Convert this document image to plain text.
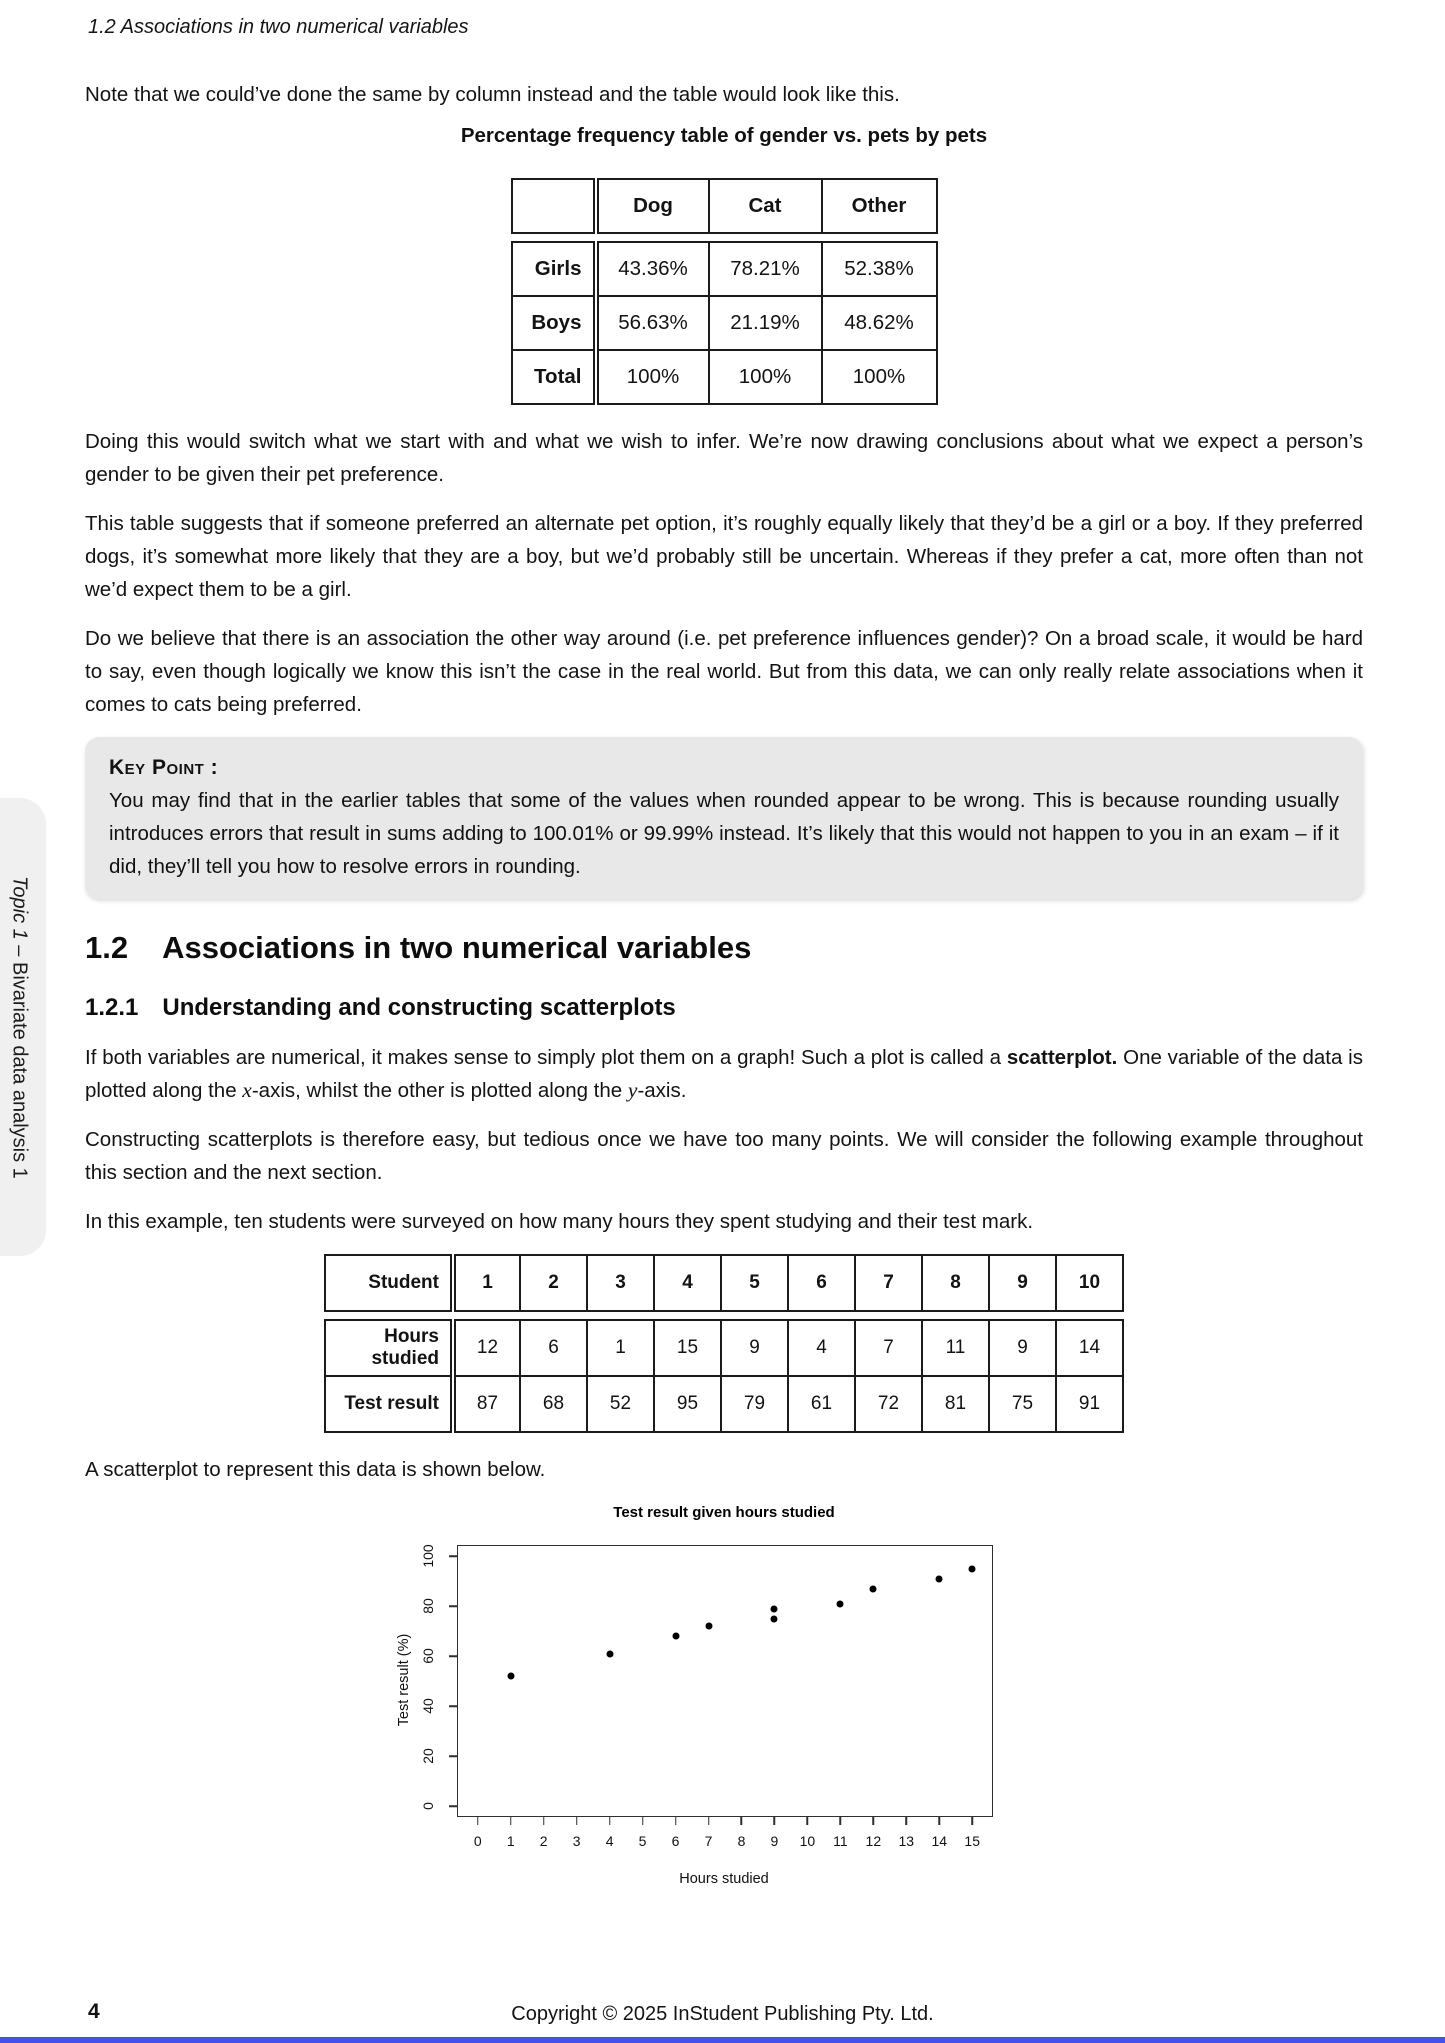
1.2 Associations in two numerical variables
Topic 1 – Bivariate data analysis 1

Note that we could’ve done the same by column instead and the table would look like this.

Percentage frequency table of gender vs. pets by pets
	Dog	Cat	Other
Girls	43.36%	78.21%	52.38%
Boys	56.63%	21.19%	48.62%
Total	100%	100%	100%

Doing this would switch what we start with and what we wish to infer. We’re now drawing conclusions about what we expect a person’s gender to be given their pet preference.

This table suggests that if someone preferred an alternate pet option, it’s roughly equally likely that they’d be a girl or a boy. If they preferred dogs, it’s somewhat more likely that they are a boy, but we’d probably still be uncertain. Whereas if they prefer a cat, more often than not we’d expect them to be a girl.

Do we believe that there is an association the other way around (i.e. pet preference influences gender)? On a broad scale, it would be hard to say, even though logically we know this isn’t the case in the real world. But from this data, we can only really relate associations when it comes to cats being preferred.

Key Point :
You may find that in the earlier tables that some of the values when rounded appear to be wrong. This is because rounding usually introduces errors that result in sums adding to 100.01% or 99.99% instead. It’s likely that this would not happen to you in an exam – if it did, they’ll tell you how to resolve errors in rounding.
1.2 Associations in two numerical variables
1.2.1 Understanding and constructing scatterplots

If both variables are numerical, it makes sense to simply plot them on a graph! Such a plot is called a scatterplot. One variable of the data is plotted along the x-axis, whilst the other is plotted along the y-axis.

Constructing scatterplots is therefore easy, but tedious once we have too many points. We will consider the following example throughout this section and the next section.

In this example, ten students were surveyed on how many hours they spent studying and their test mark.

Student	1	2	3	4	5	6	7	8	9	10
Hours studied	12	6	1	15	9	4	7	11	9	14
Test result	87	68	52	95	79	61	72	81	75	91

A scatterplot to represent this data is shown below.

Test result given hours studied
Test result (%)
0 1 2 3 4 5 6 7 8 9 10 11 12 13 14 15
0
20
40
60
80
100
Hours studied
4	Copyright © 2025 InStudent Publishing Pty. Ltd.
